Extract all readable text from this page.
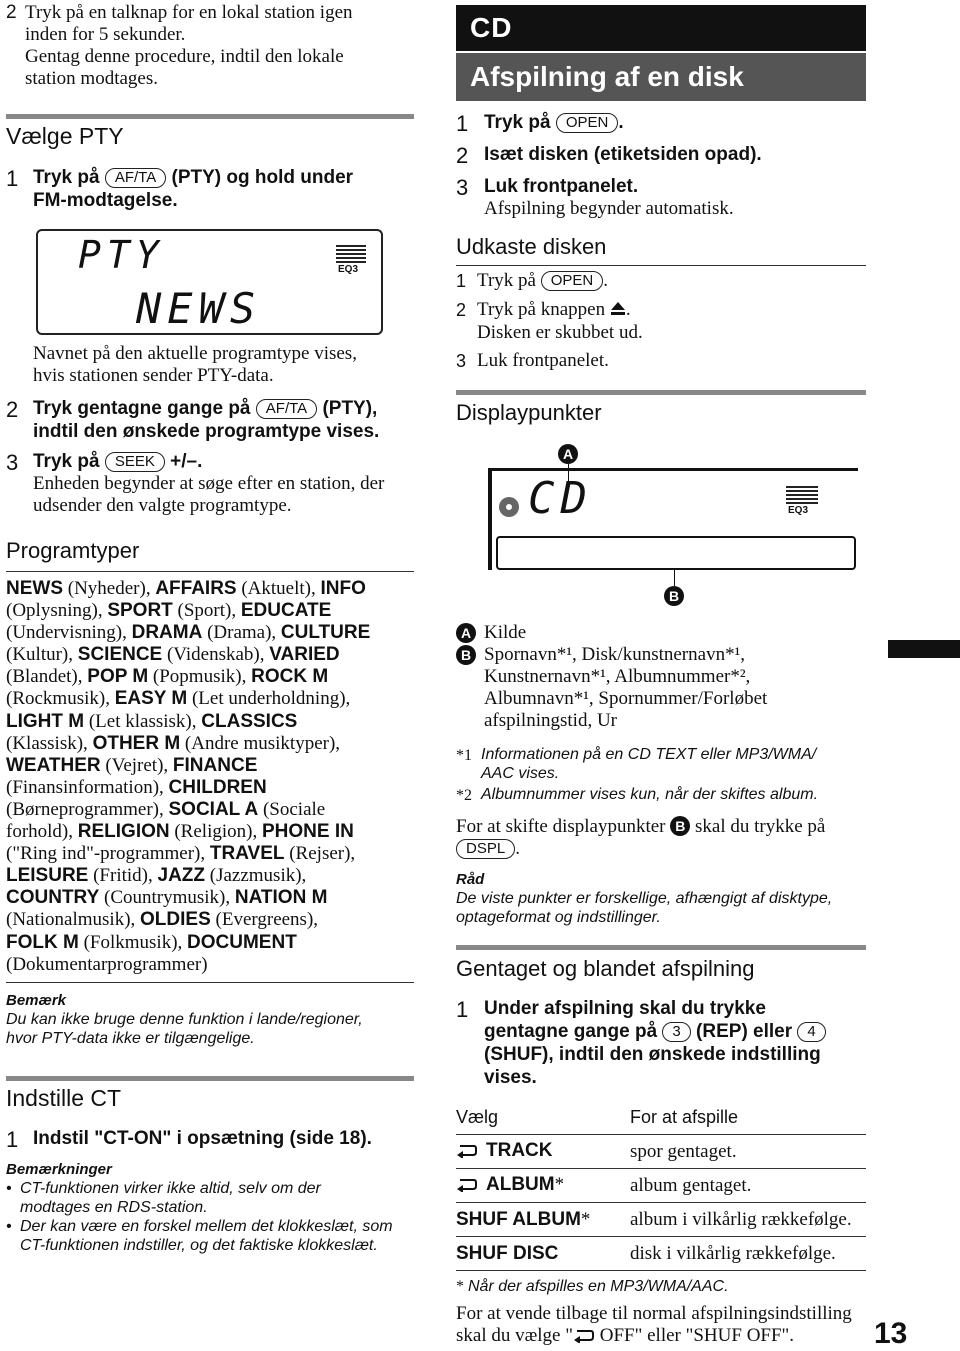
2 Tryk på en talknap for en lokal station igen
inden for 5 sekunder.
Gentag denne procedure, indtil den lokale
station modtages.
Vælge PTY
1 Tryk på AF/TA (PTY) og hold under
FM-modtagelse.
PTY
NEWS
EQ3
Navnet på den aktuelle programtype vises,
hvis stationen sender PTY-data.
2 Tryk gentagne gange på AF/TA (PTY),
indtil den ønskede programtype vises.
3 Tryk på SEEK +/–.
Enheden begynder at søge efter en station, der
udsender den valgte programtype.
Programtyper
NEWS (Nyheder), AFFAIRS (Aktuelt), INFO
(Oplysning), SPORT (Sport), EDUCATE
(Undervisning), DRAMA (Drama), CULTURE
(Kultur), SCIENCE (Videnskab), VARIED
(Blandet), POP M (Popmusik), ROCK M
(Rockmusik), EASY M (Let underholdning),
LIGHT M (Let klassisk), CLASSICS
(Klassisk), OTHER M (Andre musiktyper),
WEATHER (Vejret), FINANCE
(Finansinformation), CHILDREN
(Børneprogrammer), SOCIAL A (Sociale
forhold), RELIGION (Religion), PHONE IN
("Ring ind"-programmer), TRAVEL (Rejser),
LEISURE (Fritid), JAZZ (Jazzmusik),
COUNTRY (Countrymusik), NATION M
(Nationalmusik), OLDIES (Evergreens),
FOLK M (Folkmusik), DOCUMENT
(Dokumentarprogrammer)
Bemærk
Du kan ikke bruge denne funktion i lande/regioner,
hvor PTY-data ikke er tilgængelige.
Indstille CT
1 Indstil "CT-ON" i opsætning (side 18).
Bemærkninger
• CT-funktionen virker ikke altid, selv om der
modtages en RDS-station.
• Der kan være en forskel mellem det klokkeslæt, som
CT-funktionen indstiller, og det faktiske klokkeslæt.
CD
Afspilning af en disk
1 Tryk på OPEN .
2 Isæt disken (etiketsiden opad).
3 Luk frontpanelet.
Afspilning begynder automatisk.
Udkaste disken
1 Tryk på OPEN .
2 Tryk på knappen .
Disken er skubbet ud.
3 Luk frontpanelet.
Displaypunkter
A
CD	EQ3
B
A Kilde
B Spornavn*¹, Disk/kunstnernavn*¹,
Kunstnernavn*¹, Albumnummer*²,
Albumnavn*¹, Spornummer/Forløbet
afspilningstid, Ur
*1 Informationen på en CD TEXT eller MP3/WMA/
AAC vises.
*2 Albumnummer vises kun, når der skiftes album.
For at skifte displaypunkter B skal du trykke på
DSPL .
Råd
De viste punkter er forskellige, afhængigt af disktype,
optageformat og indstillinger.
Gentaget og blandet afspilning
1 Under afspilning skal du trykke
gentagne gange på 3 (REP) eller 4
(SHUF), indtil den ønskede indstilling
vises.
Vælg	For at afspille
TRACK	spor gentaget.
ALBUM*	album gentaget.
SHUF ALBUM*	album i vilkårlig rækkefølge.
SHUF DISC	disk i vilkårlig rækkefølge.
* Når der afspilles en MP3/WMA/AAC.
For at vende tilbage til normal afspilningsindstilling
skal du vælge " OFF" eller "SHUF OFF".	13
